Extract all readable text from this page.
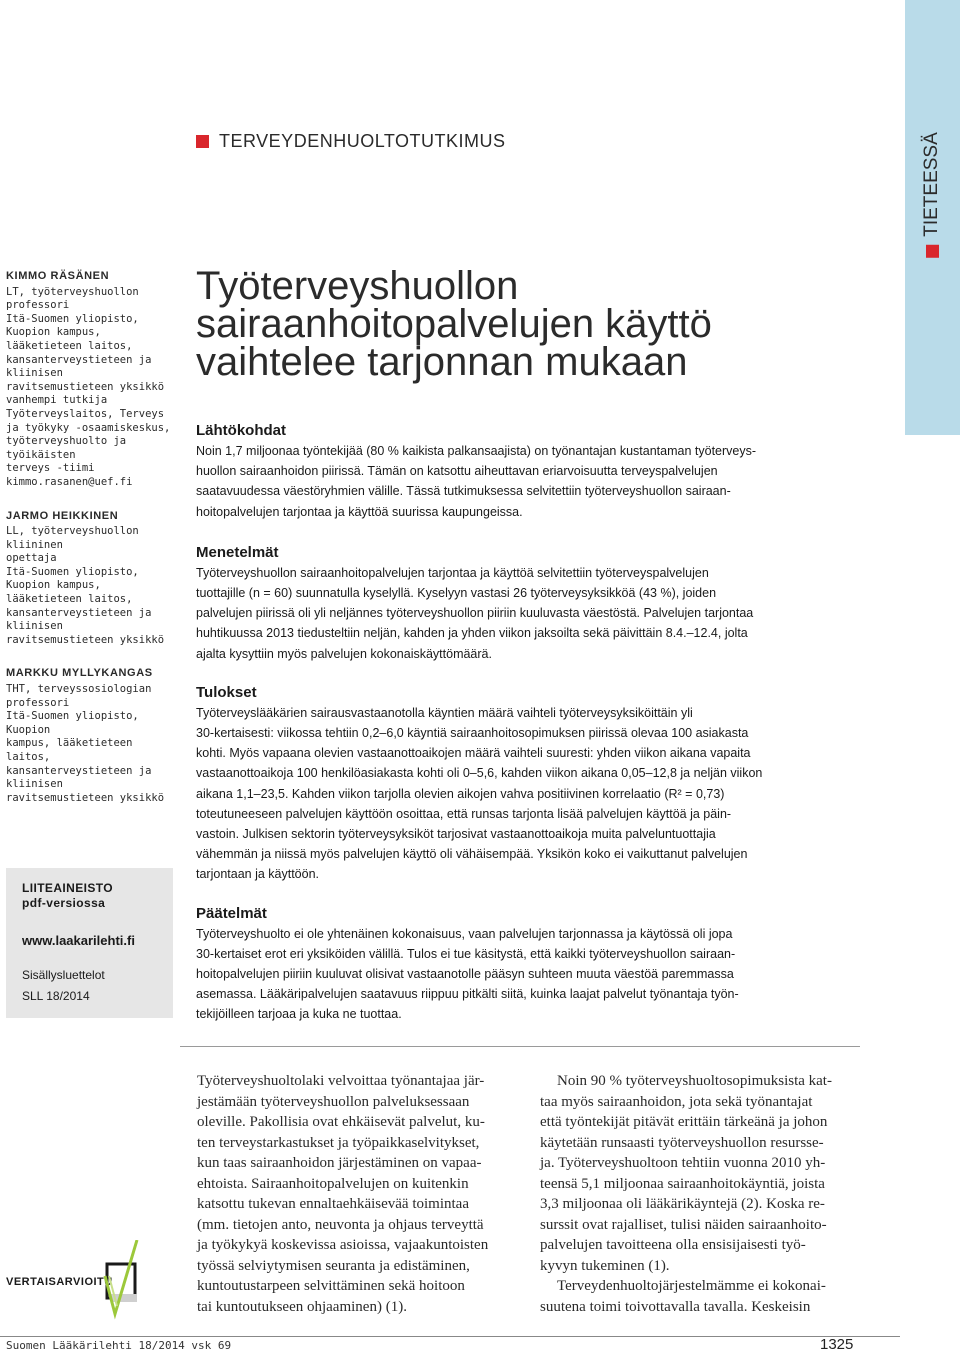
TERVEYDENHUOLTOTUTKIMUS	TIETEESSÄ
KIMMO RÄSÄNEN
LT, työterveyshuollon professori
Itä-Suomen yliopisto,
Kuopion kampus,
lääketieteen laitos,
kansanterveystieteen ja kliinisen
ravitsemustieteen yksikkö
vanhempi tutkija
Työterveyslaitos, Terveys
ja työkyky -osaamiskeskus,
työterveyshuolto ja työikäisten
terveys -tiimi
kimmo.rasanen@uef.fi
JARMO HEIKKINEN
LL, työterveyshuollon kliininen
opettaja
Itä-Suomen yliopisto,
Kuopion kampus,
lääketieteen laitos,
kansanterveystieteen ja kliinisen
ravitsemustieteen yksikkö
MARKKU MYLLYKANGAS
THT, terveyssosiologian professori
Itä-Suomen yliopisto, Kuopion
kampus, lääketieteen laitos,
kansanterveystieteen ja kliinisen
ravitsemustieteen yksikkö
LIITEAINEISTO
pdf-versiossa
www.laakarilehti.fi
Sisällysluettelot
SLL 18/2014
Työterveyshuollon
sairaanhoitopalvelujen käyttö
vaihtelee tarjonnan mukaan
Lähtökohdat
Noin 1,7 miljoonaa työntekijää (80 % kaikista palkansaajista) on työnantajan kustantaman työterveys-
huollon sairaanhoidon piirissä. Tämän on katsottu aiheuttavan eriarvoisuutta terveyspalvelujen
saatavuudessa väestöryhmien välille. Tässä tutkimuksessa selvitettiin työterveyshuollon sairaan-
hoitopalvelujen tarjontaa ja käyttöä suurissa kaupungeissa.
Menetelmät
Työterveyshuollon sairaanhoitopalvelujen tarjontaa ja käyttöä selvitettiin työterveyspalvelujen
tuottajille (n = 60) suunnatulla kyselyllä. Kyselyyn vastasi 26 työterveysyksikköä (43 %), joiden
palvelujen piirissä oli yli neljännes työterveyshuollon piiriin kuuluvasta väestöstä. Palvelujen tarjontaa
huhtikuussa 2013 tiedusteltiin neljän, kahden ja yhden viikon jaksoilta sekä päivittäin 8.4.–12.4, jolta
ajalta kysyttiin myös palvelujen kokonaiskäyttömäärä.
Tulokset
Työterveyslääkärien sairausvastaanotolla käyntien määrä vaihteli työterveysyksiköittäin yli
30-kertaisesti: viikossa tehtiin 0,2–6,0 käyntiä sairaanhoitosopimuksen piirissä olevaa 100 asiakasta
kohti. Myös vapaana olevien vastaanottoaikojen määrä vaihteli suuresti: yhden viikon aikana vapaita
vastaanottoaikoja 100 henkilöasiakasta kohti oli 0–5,6, kahden viikon aikana 0,05–12,8 ja neljän viikon
aikana 1,1–23,5. Kahden viikon tarjolla olevien aikojen vahva positiivinen korrelaatio (R² = 0,73)
toteutuneeseen palvelujen käyttöön osoittaa, että runsas tarjonta lisää palvelujen käyttöä ja päin-
vastoin. Julkisen sektorin työterveysyksiköt tarjosivat vastaanottoaikoja muita palveluntuottajia
vähemmän ja niissä myös palvelujen käyttö oli vähäisempää. Yksikön koko ei vaikuttanut palvelujen
tarjontaan ja käyttöön.
Päätelmät
Työterveyshuolto ei ole yhtenäinen kokonaisuus, vaan palvelujen tarjonnassa ja käytössä oli jopa
30-kertaiset erot eri yksiköiden välillä. Tulos ei tue käsitystä, että kaikki työterveyshuollon sairaan-
hoitopalvelujen piiriin kuuluvat olisivat vastaanotolle pääsyn suhteen muuta väestöä paremmassa
asemassa. Lääkäripalvelujen saatavuus riippuu pitkälti siitä, kuinka laajat palvelut työnantaja työn-
tekijöilleen tarjoaa ja kuka ne tuottaa.
Työterveyshuoltolaki velvoittaa työnantajaa jär-
jestämään työterveyshuollon palveluksessaan
oleville. Pakollisia ovat ehkäisevät palvelut, ku-
ten terveystarkastukset ja työpaikkaselvitykset,
kun taas sairaanhoidon järjestäminen on vapaa-
ehtoista. Sairaanhoitopalvelujen on kuitenkin
katsottu tukevan ennaltaehkäisevää toimintaa
(mm. tietojen anto, neuvonta ja ohjaus terveyttä
ja työkykyä koskevissa asioissa, vajaakuntoisten
työssä selviytymisen seuranta ja edistäminen,
kuntoutustarpeen selvittäminen sekä hoitoon
tai kuntoutukseen ohjaaminen) (1).
Noin 90 % työterveyshuoltosopimuksista kat-
taa myös sairaanhoidon, jota sekä työnantajat
että työntekijät pitävät erittäin tärkeänä ja johon
käytetään runsaasti työterveyshuollon resursse-
ja. Työterveyshuoltoon tehtiin vuonna 2010 yh-
teensä 5,1 miljoonaa sairaanhoitokäyntiä, joista
3,3 miljoonaa oli lääkärikäyntejä (2). Koska re-
surssit ovat rajalliset, tulisi näiden sairaanhoito-
palvelujen tavoitteena olla ensisijaisesti työ-
kyvyn tukeminen (1).
Terveydenhuoltojärjestelmämme ei kokonai-
suutena toimi toivottavalla tavalla. Keskeisin
VERTAISARVIOITU
Suomen Lääkärilehti 18/2014 vsk 69	1325
